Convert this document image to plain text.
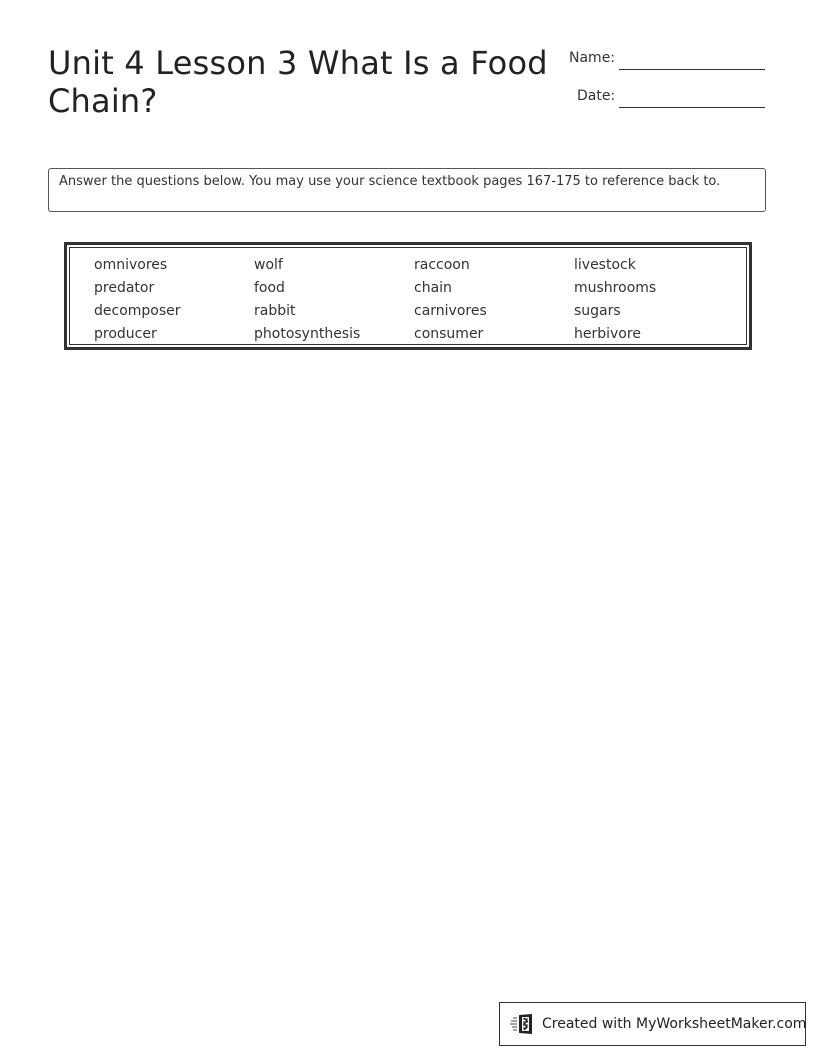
Unit 4 Lesson 3 What Is a Food Chain?
Name:
Date:
Answer the questions below. You may use your science textbook pages 167-175 to reference back to.
omnivores	wolf	raccoon	livestock
predator	food	chain	mushrooms
decomposer	rabbit	carnivores	sugars
producer	photosynthesis	consumer	herbivore
Created with MyWorksheetMaker.com
